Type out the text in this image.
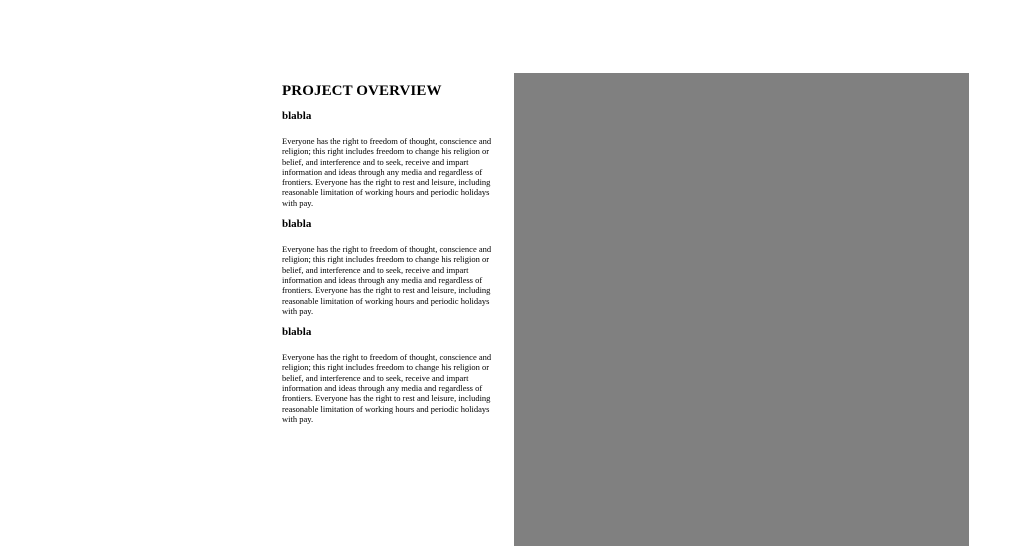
PROJECT OVERVIEW
blabla

Everyone has the right to freedom of thought, conscience and religion; this right includes freedom to change his religion or belief, and interference and to seek, receive and impart information and ideas through any media and regardless of frontiers. Everyone has the right to rest and leisure, including reasonable limitation of working hours and periodic holidays with pay.

blabla

Everyone has the right to freedom of thought, conscience and religion; this right includes freedom to change his religion or belief, and interference and to seek, receive and impart information and ideas through any media and regardless of frontiers. Everyone has the right to rest and leisure, including reasonable limitation of working hours and periodic holidays with pay.

blabla

Everyone has the right to freedom of thought, conscience and religion; this right includes freedom to change his religion or belief, and interference and to seek, receive and impart information and ideas through any media and regardless of frontiers. Everyone has the right to rest and leisure, including reasonable limitation of working hours and periodic holidays with pay.
